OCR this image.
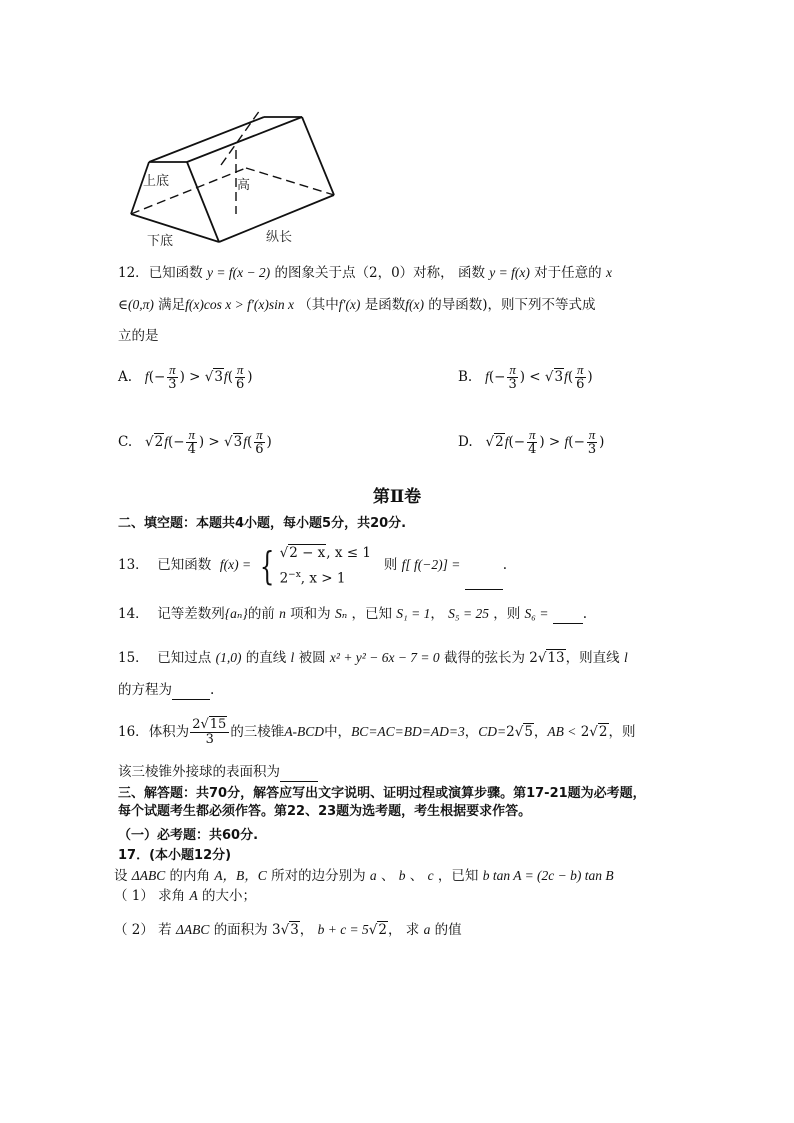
上底	高
下底	纵长
12．已知函数 y = f(x − 2) 的图象关于点（2，0）对称， 函数 y = f(x) 对于任意的 x
∈(0,π) 满足f(x)cos x > f′(x)sin x （其中f′(x) 是函数f(x) 的导函数)，则下列不等式成
立的是
A. $f(- \frac{\pi}{3}$ ) > $√3f( \frac{\pi}{6}$ )	B. $f(- \frac{\pi}{3}$ ) < $√3f( \frac{\pi}{6}$ )
C.   $√2f(- \frac{\pi}{4}$ ) > $√3f( \frac{\pi}{6}$ )	D.   $√2f(- \frac{\pi}{4}$ ) > $f(- \frac{\pi}{3}$ )
第Ⅱ卷
二、填空题：本题共4小题，每小题5分，共20分.
13． 已知函数 f(x) = { √2 − x, x ≤ 1
$2^{-x}$, x > 1
则 f[ f(−2)] =	.
14． 记等差数列{aₙ}的前 n 项和为 Sₙ ，已知 S₁ = 1， S₅ = 25 ，则 S₆ =	.
15． 已知过点 (1,0) 的直线 l 被圆 x² + y² − 6x − 7 = 0 截得的弦长为 2√13，则直线 l
的方程为	.
16．体积为 $\frac{2√15}{3}$ 的三棱锥A-BCD中，BC=AC=BD=AD=3，CD=2√5，AB < 2√2，则
该三棱锥外接球的表面积为
三、解答题：共70分，解答应写出文字说明、证明过程或演算步骤。第17-21题为必考题，
每个试题考生都必须作答。第22、23题为选考题，考生根据要求作答。
（一）必考题：共60分.
17．(本小题12分)
设 ΔABC 的内角 A，B，C 所对的边分别为 a 、 b 、 c ，已知 b tan A = (2c − b) tan B
（ 1） 求角 A 的大小；
（ 2） 若 ΔABC 的面积为 3√3， b + c = 5√2， 求 a 的值
